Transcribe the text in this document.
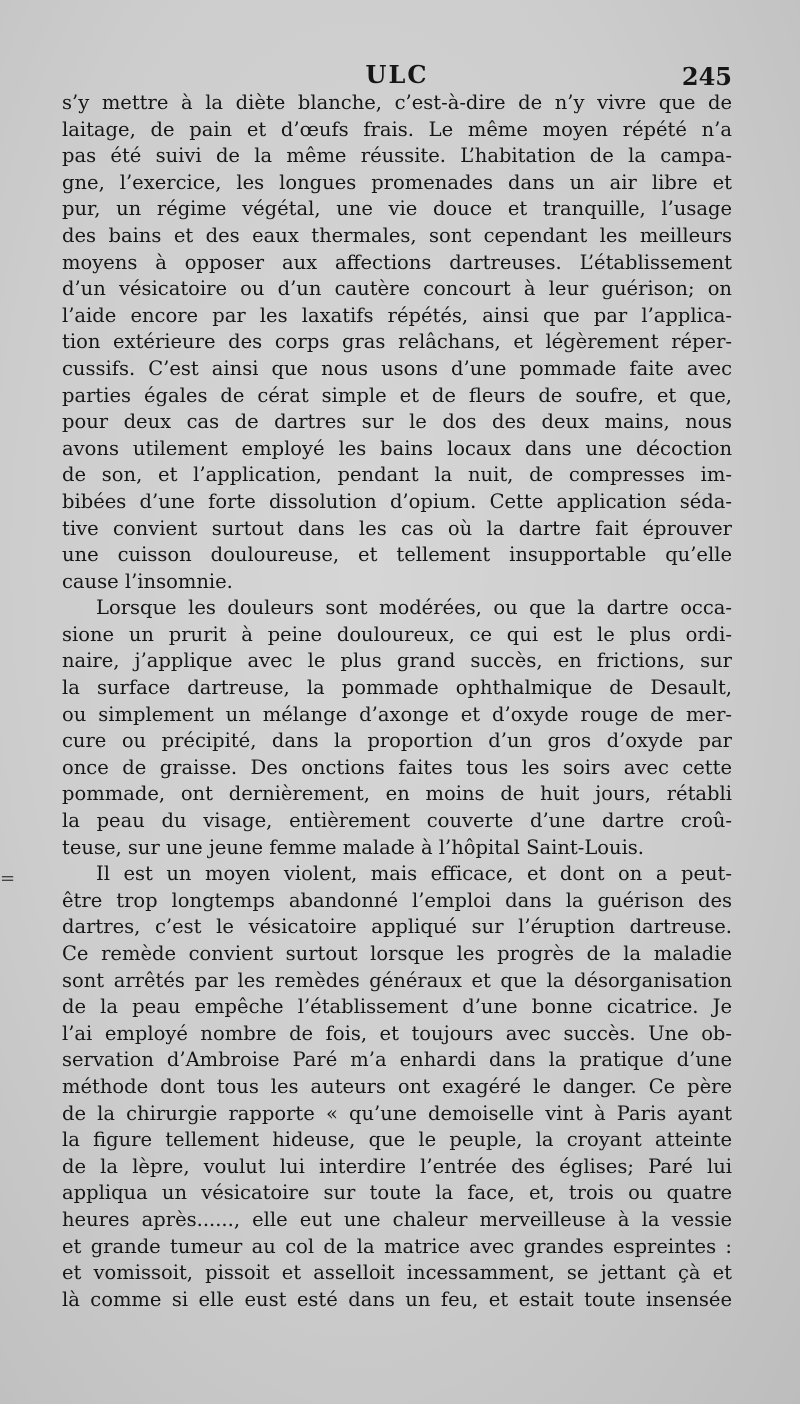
ULC	245
=
s’y mettre à la diète blanche, c’est-à-dire de n’y vivre que de
laitage, de pain et d’œufs frais. Le même moyen répété n’a
pas été suivi de la même réussite. L’habitation de la campa-
gne, l’exercice, les longues promenades dans un air libre et
pur, un régime végétal, une vie douce et tranquille, l’usage
des bains et des eaux thermales, sont cependant les meilleurs
moyens à opposer aux affections dartreuses. L’établissement
d’un vésicatoire ou d’un cautère concourt à leur guérison; on
l’aide encore par les laxatifs répétés, ainsi que par l’applica-
tion extérieure des corps gras relâchans, et légèrement réper-
cussifs. C’est ainsi que nous usons d’une pommade faite avec
parties égales de cérat simple et de fleurs de soufre, et que,
pour deux cas de dartres sur le dos des deux mains, nous
avons utilement employé les bains locaux dans une décoction
de son, et l’application, pendant la nuit, de compresses im-
bibées d’une forte dissolution d’opium. Cette application séda-
tive convient surtout dans les cas où la dartre fait éprouver
une cuisson douloureuse, et tellement insupportable qu’elle
cause l’insomnie.
Lorsque les douleurs sont modérées, ou que la dartre occa-
sione un prurit à peine douloureux, ce qui est le plus ordi-
naire, j’applique avec le plus grand succès, en frictions, sur
la surface dartreuse, la pommade ophthalmique de Desault,
ou simplement un mélange d’axonge et d’oxyde rouge de mer-
cure ou précipité, dans la proportion d’un gros d’oxyde par
once de graisse. Des onctions faites tous les soirs avec cette
pommade, ont dernièrement, en moins de huit jours, rétabli
la peau du visage, entièrement couverte d’une dartre croû-
teuse, sur une jeune femme malade à l’hôpital Saint-Louis.
Il est un moyen violent, mais efficace, et dont on a peut-
être trop longtemps abandonné l’emploi dans la guérison des
dartres, c’est le vésicatoire appliqué sur l’éruption dartreuse.
Ce remède convient surtout lorsque les progrès de la maladie
sont arrêtés par les remèdes généraux et que la désorganisation
de la peau empêche l’établissement d’une bonne cicatrice. Je
l’ai employé nombre de fois, et toujours avec succès. Une ob-
servation d’Ambroise Paré m’a enhardi dans la pratique d’une
méthode dont tous les auteurs ont exagéré le danger. Ce père
de la chirurgie rapporte « qu’une demoiselle vint à Paris ayant
la figure tellement hideuse, que le peuple, la croyant atteinte
de la lèpre, voulut lui interdire l’entrée des églises; Paré lui
appliqua un vésicatoire sur toute la face, et, trois ou quatre
heures après......, elle eut une chaleur merveilleuse à la vessie
et grande tumeur au col de la matrice avec grandes espreintes :
et vomissoit, pissoit et asselloit incessamment, se jettant çà et
là comme si elle eust esté dans un feu, et estait toute insensée
